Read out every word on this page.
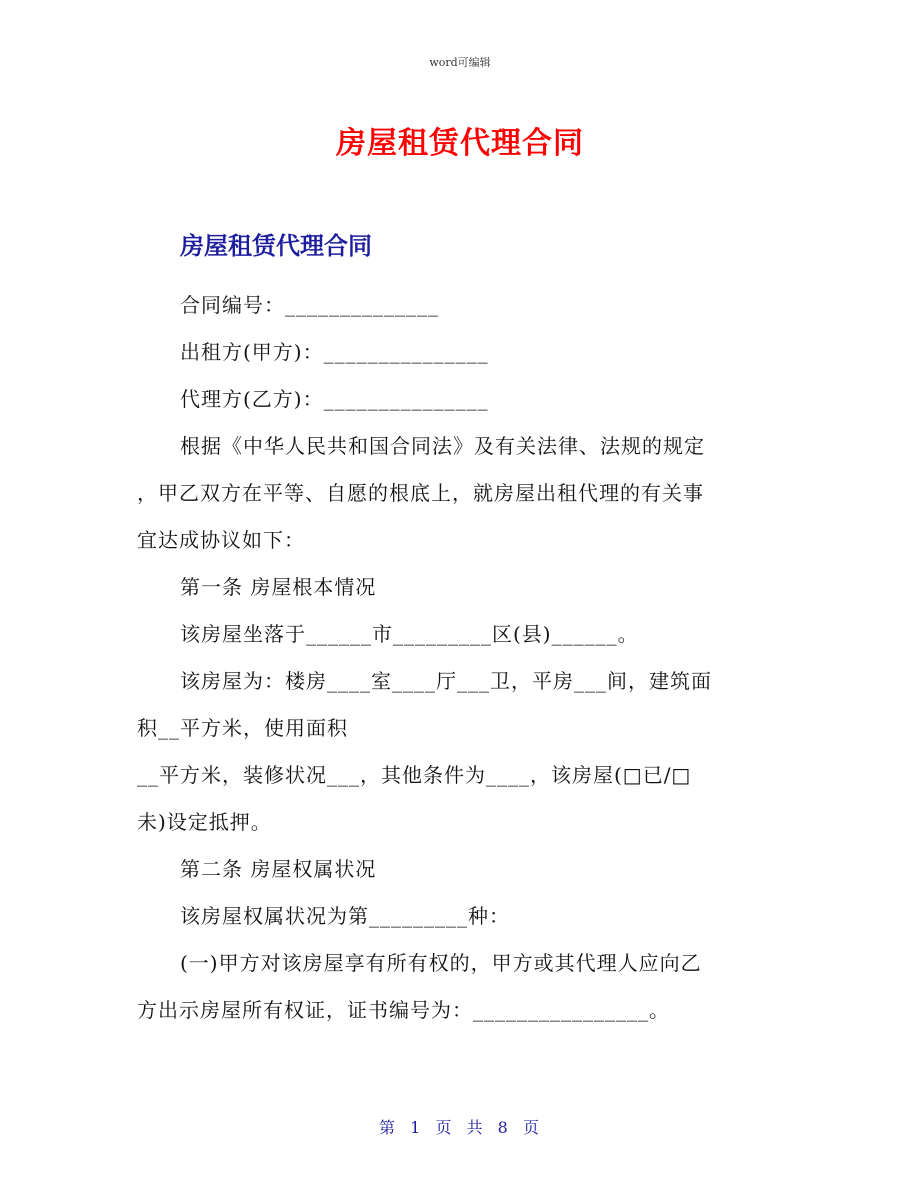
word可编辑
房屋租赁代理合同
房屋租赁代理合同
合同编号：______________
出租方(甲方)：_______________
代理方(乙方)：_______________
根据《中华人民共和国合同法》及有关法律、法规的规定
，甲乙双方在平等、自愿的根底上，就房屋出租代理的有关事
宜达成协议如下：
第一条 房屋根本情况
该房屋坐落于______市_________区(县)______。
该房屋为：楼房____室____厅___卫，平房___间，建筑面
积__平方米，使用面积
__平方米，装修状况___，其他条件为____，该房屋(□已/□
未)设定抵押。
第二条 房屋权属状况
该房屋权属状况为第_________种：
(一)甲方对该房屋享有所有权的，甲方或其代理人应向乙
方出示房屋所有权证，证书编号为：________________。
第 1 页 共 8 页
